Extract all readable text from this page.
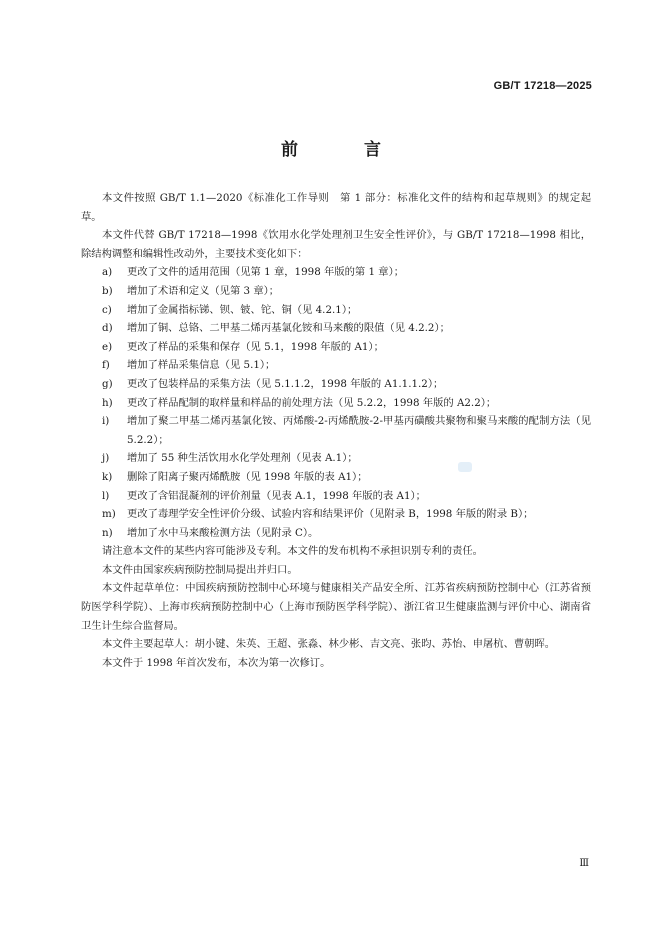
GB/T 17218—2025
前 言

本文件按照 GB/T 1.1—2020《标准化工作导则　第 1 部分：标准化文件的结构和起草规则》的规定起草。

本文件代替 GB/T 17218—1998《饮用水化学处理剂卫生安全性评价》，与 GB/T 17218—1998 相比，除结构调整和编辑性改动外，主要技术变化如下：

a) 更改了文件的适用范围（见第 1 章，1998 年版的第 1 章）；
b) 增加了术语和定义（见第 3 章）；
c) 增加了金属指标锑、钡、铍、铊、铜（见 4.2.1）；
d) 增加了铜、总铬、二甲基二烯丙基氯化铵和马来酸的限值（见 4.2.2）；
e) 更改了样品的采集和保存（见 5.1，1998 年版的 A1）；
f) 增加了样品采集信息（见 5.1）；
g) 更改了包装样品的采集方法（见 5.1.1.2，1998 年版的 A1.1.1.2）；
h) 更改了样品配制的取样量和样品的前处理方法（见 5.2.2，1998 年版的 A2.2）；
i) 增加了聚二甲基二烯丙基氯化铵、丙烯酸-2-丙烯酰胺-2-甲基丙磺酸共聚物和聚马来酸的配制方法（见 5.2.2）；
j) 增加了 55 种生活饮用水化学处理剂（见表 A.1）；
k) 删除了阳离子聚丙烯酰胺（见 1998 年版的表 A1）；
l) 更改了含铝混凝剂的评价剂量（见表 A.1，1998 年版的表 A1）；
m) 更改了毒理学安全性评价分级、试验内容和结果评价（见附录 B，1998 年版的附录 B）；
n) 增加了水中马来酸检测方法（见附录 C）。

请注意本文件的某些内容可能涉及专利。本文件的发布机构不承担识别专利的责任。

本文件由国家疾病预防控制局提出并归口。

本文件起草单位：中国疾病预防控制中心环境与健康相关产品安全所、江苏省疾病预防控制中心（江苏省预防医学科学院）、上海市疾病预防控制中心（上海市预防医学科学院）、浙江省卫生健康监测与评价中心、湖南省卫生计生综合监督局。

本文件主要起草人：胡小键、朱英、王超、张淼、林少彬、吉文亮、张昀、苏怡、申屠杭、曹朝晖。

本文件于 1998 年首次发布，本次为第一次修订。

Ⅲ
